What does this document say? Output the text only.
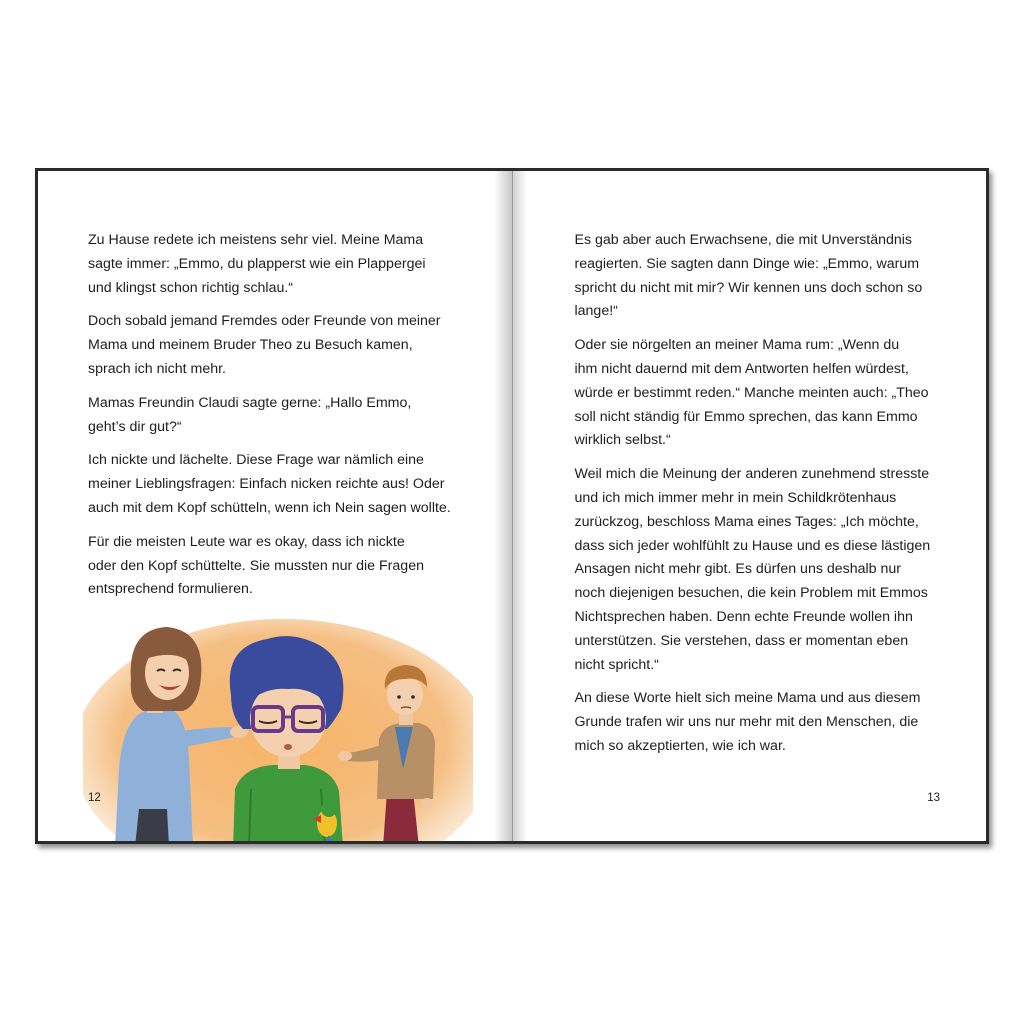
Zu Hause redete ich meistens sehr viel. Meine Mama
sagte immer: „Emmo, du plapperst wie ein Plappergei
und klingst schon richtig schlau.“

Doch sobald jemand Fremdes oder Freunde von meiner
Mama und meinem Bruder Theo zu Besuch kamen,
sprach ich nicht mehr.

Mamas Freundin Claudi sagte gerne: „Hallo Emmo,
geht’s dir gut?“

Ich nickte und lächelte. Diese Frage war nämlich eine
meiner Lieblingsfragen: Einfach nicken reichte aus! Oder
auch mit dem Kopf schütteln, wenn ich Nein sagen wollte.

Für die meisten Leute war es okay, dass ich nickte
oder den Kopf schüttelte. Sie mussten nur die Fragen
entsprechend formulieren.

12

Es gab aber auch Erwachsene, die mit Unverständnis
reagierten. Sie sagten dann Dinge wie: „Emmo, warum
spricht du nicht mit mir? Wir kennen uns doch schon so
lange!“

Oder sie nörgelten an meiner Mama rum: „Wenn du
ihm nicht dauernd mit dem Antworten helfen würdest,
würde er bestimmt reden.“ Manche meinten auch: „Theo
soll nicht ständig für Emmo sprechen, das kann Emmo
wirklich selbst.“

Weil mich die Meinung der anderen zunehmend stresste
und ich mich immer mehr in mein Schildkrötenhaus
zurückzog, beschloss Mama eines Tages: „Ich möchte,
dass sich jeder wohlfühlt zu Hause und es diese lästigen
Ansagen nicht mehr gibt. Es dürfen uns deshalb nur
noch diejenigen besuchen, die kein Problem mit Emmos
Nichtsprechen haben. Denn echte Freunde wollen ihn
unterstützen. Sie verstehen, dass er momentan eben
nicht spricht.“

An diese Worte hielt sich meine Mama und aus diesem
Grunde trafen wir uns nur mehr mit den Menschen, die
mich so akzeptierten, wie ich war.

13
